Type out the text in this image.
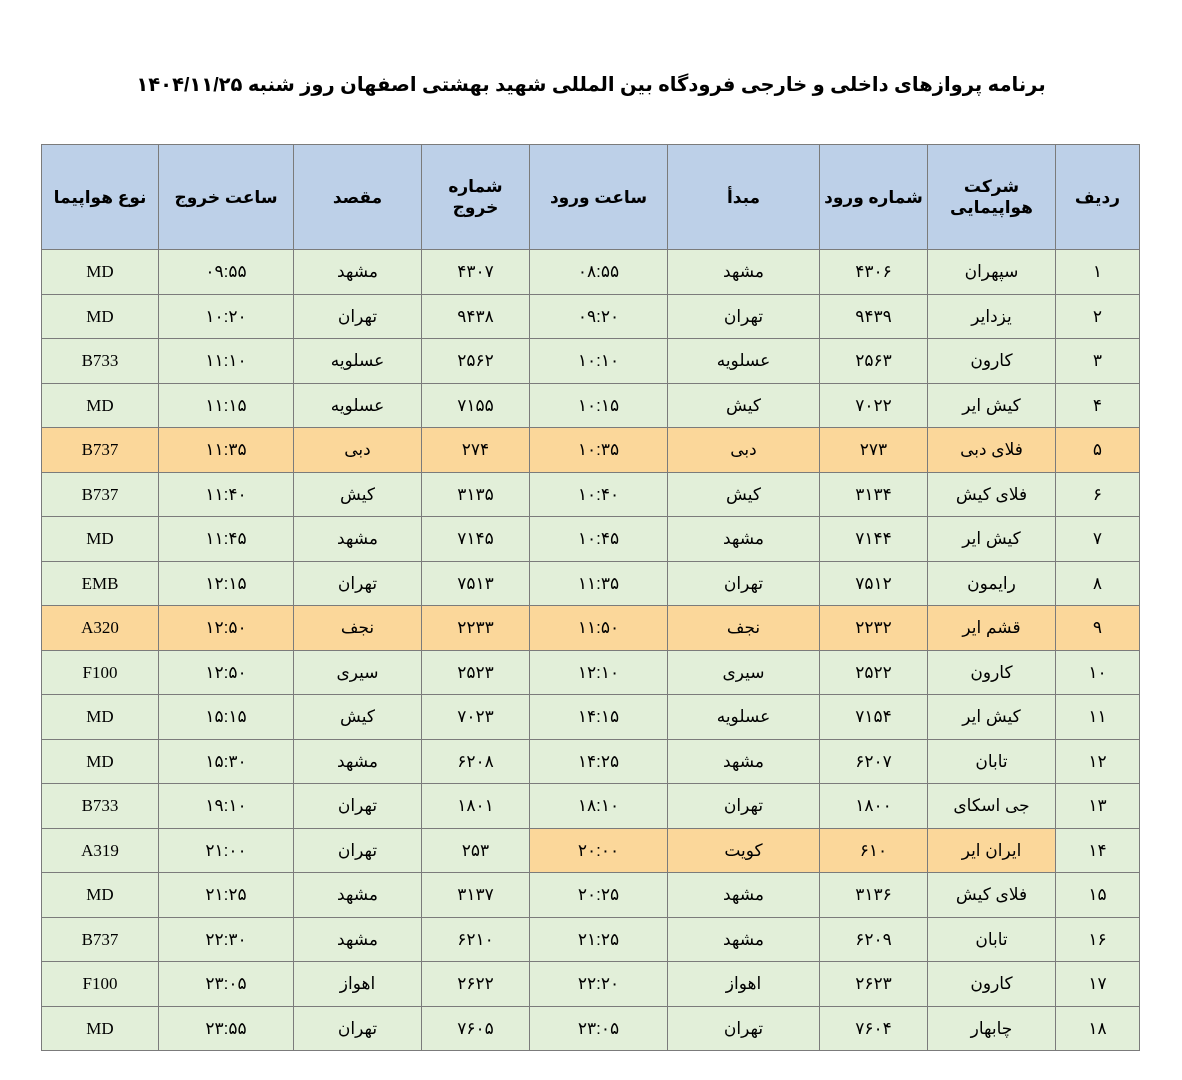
برنامه پروازهای داخلی و خارجی فرودگاه بین المللی شهید بهشتی اصفهان روز شنبه ۱۴۰۴/۱۱/۲۵
ردیف	شرکت هواپیمایی	شماره ورود	مبدأ	ساعت ورود	شماره خروج	مقصد	ساعت خروج	نوع هواپیما
۱	سپهران	۴۳۰۶	مشهد	۰۸:۵۵	۴۳۰۷	مشهد	۰۹:۵۵	MD
۲	یزدایر	۹۴۳۹	تهران	۰۹:۲۰	۹۴۳۸	تهران	۱۰:۲۰	MD
۳	کارون	۲۵۶۳	عسلویه	۱۰:۱۰	۲۵۶۲	عسلویه	۱۱:۱۰	B733
۴	کیش ایر	۷۰۲۲	کیش	۱۰:۱۵	۷۱۵۵	عسلویه	۱۱:۱۵	MD
۵	فلای دبی	۲۷۳	دبی	۱۰:۳۵	۲۷۴	دبی	۱۱:۳۵	B737
۶	فلای کیش	۳۱۳۴	کیش	۱۰:۴۰	۳۱۳۵	کیش	۱۱:۴۰	B737
۷	کیش ایر	۷۱۴۴	مشهد	۱۰:۴۵	۷۱۴۵	مشهد	۱۱:۴۵	MD
۸	رایمون	۷۵۱۲	تهران	۱۱:۳۵	۷۵۱۳	تهران	۱۲:۱۵	EMB
۹	قشم ایر	۲۲۳۲	نجف	۱۱:۵۰	۲۲۳۳	نجف	۱۲:۵۰	A320
۱۰	کارون	۲۵۲۲	سیری	۱۲:۱۰	۲۵۲۳	سیری	۱۲:۵۰	F100
۱۱	کیش ایر	۷۱۵۴	عسلویه	۱۴:۱۵	۷۰۲۳	کیش	۱۵:۱۵	MD
۱۲	تابان	۶۲۰۷	مشهد	۱۴:۲۵	۶۲۰۸	مشهد	۱۵:۳۰	MD
۱۳	جی اسکای	۱۸۰۰	تهران	۱۸:۱۰	۱۸۰۱	تهران	۱۹:۱۰	B733
۱۴	ایران ایر	۶۱۰	کویت	۲۰:۰۰	۲۵۳	تهران	۲۱:۰۰	A319
۱۵	فلای کیش	۳۱۳۶	مشهد	۲۰:۲۵	۳۱۳۷	مشهد	۲۱:۲۵	MD
۱۶	تابان	۶۲۰۹	مشهد	۲۱:۲۵	۶۲۱۰	مشهد	۲۲:۳۰	B737
۱۷	کارون	۲۶۲۳	اهواز	۲۲:۲۰	۲۶۲۲	اهواز	۲۳:۰۵	F100
۱۸	چابهار	۷۶۰۴	تهران	۲۳:۰۵	۷۶۰۵	تهران	۲۳:۵۵	MD
